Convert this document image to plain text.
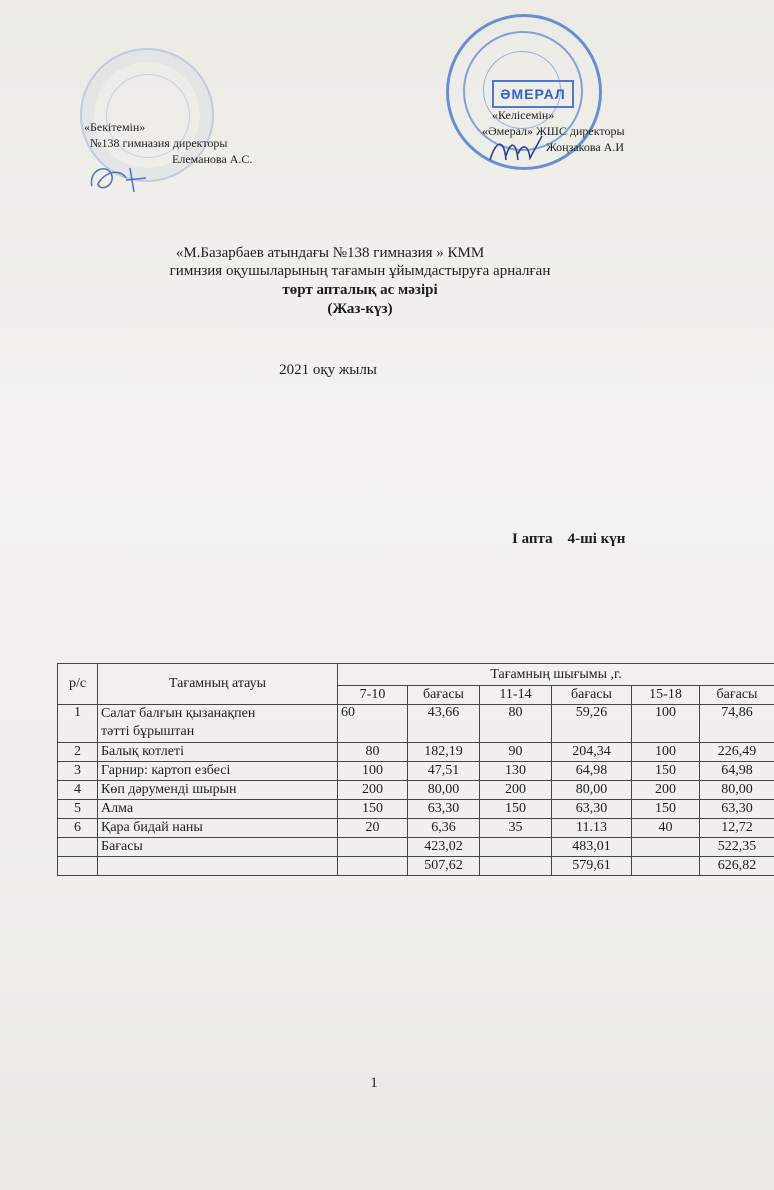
ӘМЕРАЛ
«Бекітемін»
№138 гимназия директоры
Елеманова А.С.
«Келісемін»
«Әмерал» ЖШС директоры
Жоңзакова А.И
«М.Базарбаев атындағы №138 гимназия » КММ
гимнзия оқушыларының тағамын ұйымдастыруға арналған
төрт апталық ас мәзірі
(Жаз-күз)
2021 оқу жылы
І апта    4-ші күн
р/с	Тағамның атауы	Тағамның шығымы ,г.					
		7-10	бағасы	11-14	бағасы	15-18	бағасы
1	Салат балғын қызанақпен
тәтті бұрыштан	60	43,66	80	59,26	100	74,86
2	Балық котлеті	80	182,19	90	204,34	100	226,49
3	Гарнир: картоп езбесі	100	47,51	130	64,98	150	64,98
4	Көп дәруменді шырын	200	80,00	200	80,00	200	80,00
5	Алма	150	63,30	150	63,30	150	63,30
6	Қара бидай наны	20	6,36	35	11.13	40	12,72
	Бағасы		423,02		483,01		522,35
			507,62		579,61		626,82
1
